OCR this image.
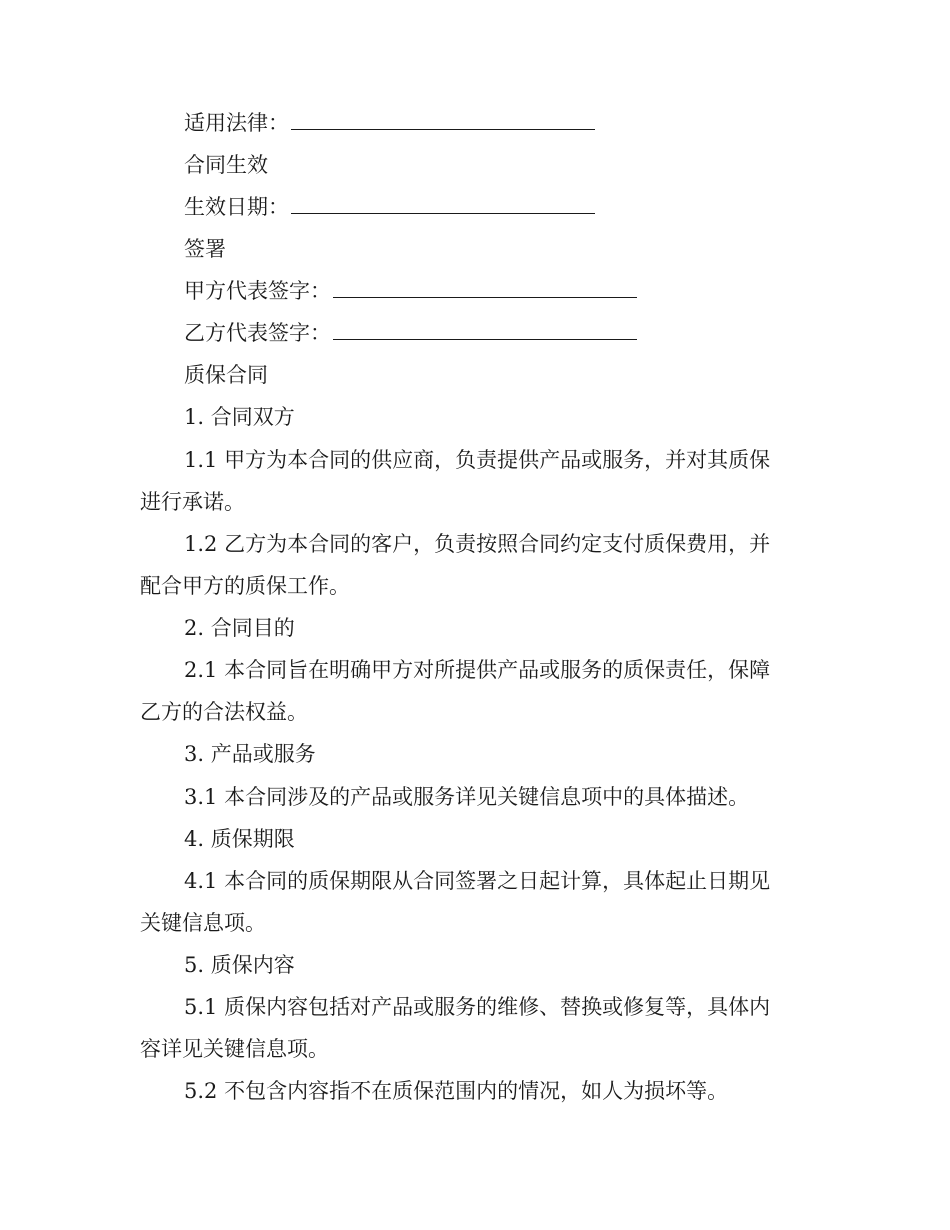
适用法律：
合同生效
生效日期：
签署
甲方代表签字：
乙方代表签字：
质保合同
1. 合同双方
1.1 甲方为本合同的供应商，负责提供产品或服务，并对其质保
进行承诺。
1.2 乙方为本合同的客户，负责按照合同约定支付质保费用，并
配合甲方的质保工作。
2. 合同目的
2.1 本合同旨在明确甲方对所提供产品或服务的质保责任，保障
乙方的合法权益。
3. 产品或服务
3.1 本合同涉及的产品或服务详见关键信息项中的具体描述。
4. 质保期限
4.1 本合同的质保期限从合同签署之日起计算，具体起止日期见
关键信息项。
5. 质保内容
5.1 质保内容包括对产品或服务的维修、替换或修复等，具体内
容详见关键信息项。
5.2 不包含内容指不在质保范围内的情况，如人为损坏等。
